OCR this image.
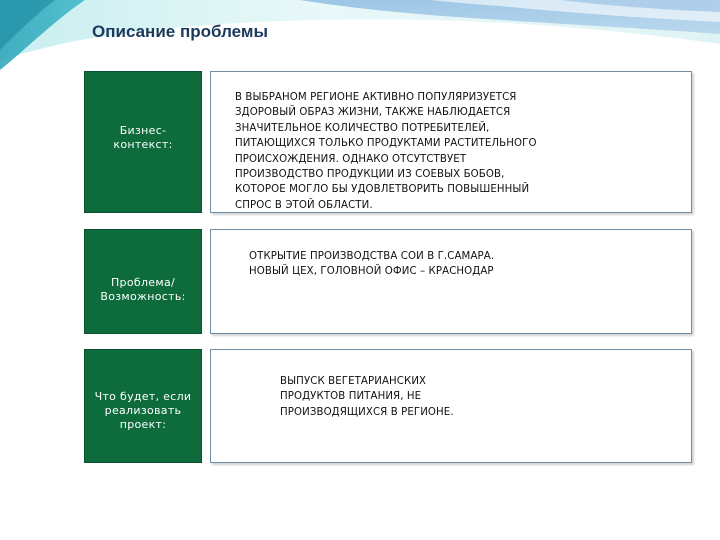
Описание проблемы
Бизнес-
контекст:
В ВЫБРАНОМ РЕГИОНЕ АКТИВНО ПОПУЛЯРИЗУЕТСЯ
ЗДОРОВЫЙ ОБРАЗ ЖИЗНИ, ТАКЖЕ НАБЛЮДАЕТСЯ
ЗНАЧИТЕЛЬНОЕ КОЛИЧЕСТВО ПОТРЕБИТЕЛЕЙ,
ПИТАЮЩИХСЯ ТОЛЬКО ПРОДУКТАМИ РАСТИТЕЛЬНОГО
ПРОИСХОЖДЕНИЯ. ОДНАКО ОТСУТСТВУЕТ
ПРОИЗВОДСТВО ПРОДУКЦИИ ИЗ СОЕВЫХ БОБОВ,
КОТОРОЕ МОГЛО БЫ УДОВЛЕТВОРИТЬ ПОВЫШЕННЫЙ
СПРОС В ЭТОЙ ОБЛАСТИ.
Проблема/
Возможность:
ОТКРЫТИЕ ПРОИЗВОДСТВА СОИ В Г.САМАРА.
НОВЫЙ ЦЕХ, ГОЛОВНОЙ ОФИС – КРАСНОДАР
Что будет, если
реализовать
проект:
ВЫПУСК ВЕГЕТАРИАНСКИХ
ПРОДУКТОВ ПИТАНИЯ, НЕ
ПРОИЗВОДЯЩИХСЯ В РЕГИОНЕ.
